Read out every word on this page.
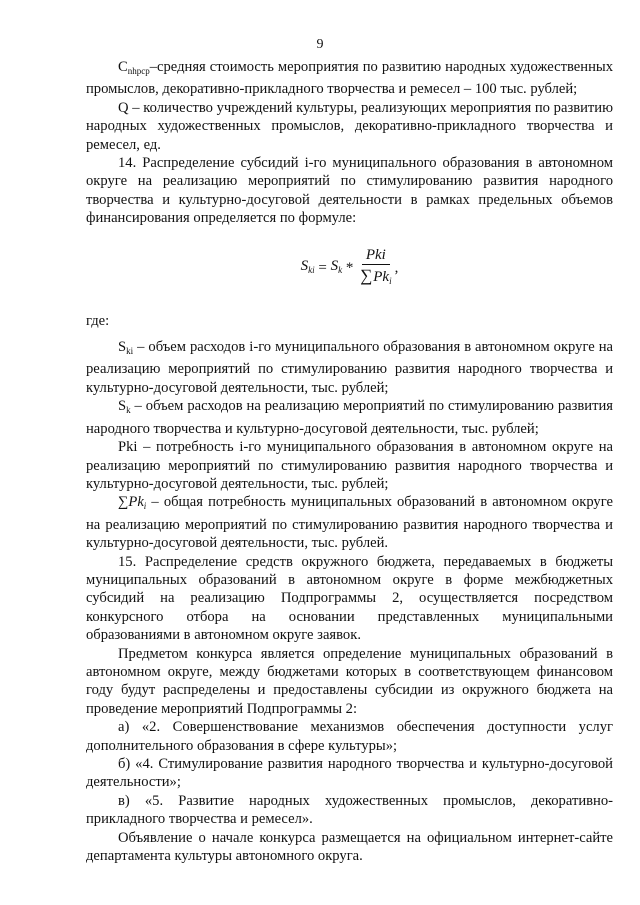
9

$C_{nhpcp}$–средняя стоимость мероприятия по развитию народных художественных промыслов, декоративно-прикладного творчества и ремесел – 100 тыс. рублей;

Q – количество учреждений культуры, реализующих мероприятия по развитию народных художественных промыслов, декоративно-прикладного творчества и ремесел, ед.

14. Распределение субсидий i-го муниципального образования в автономном округе на реализацию мероприятий по стимулированию развития народного творчества и культурно-досуговой деятельности в рамках предельных объемов финансирования определяется по формуле:

$S_{ki} = S_k * \frac{\text{Pki}}{\sum Pk_i}$ ,

где:

$S_{ki}$ – объем расходов i-го муниципального образования в автономном округе на реализацию мероприятий по стимулированию развития народного творчества и культурно-досуговой деятельности, тыс. рублей;

$S_k$ – объем расходов на реализацию мероприятий по стимулированию развития народного творчества и культурно-досуговой деятельности, тыс. рублей;

Pki – потребность i-го муниципального образования в автономном округе на реализацию мероприятий по стимулированию развития народного творчества и культурно-досуговой деятельности, тыс. рублей;

$\sum Pk_i$ – общая потребность муниципальных образований в автономном округе на реализацию мероприятий по стимулированию развития народного творчества и культурно-досуговой деятельности, тыс. рублей.

15. Распределение средств окружного бюджета, передаваемых в бюджеты муниципальных образований в автономном округе в форме межбюджетных субсидий на реализацию Подпрограммы 2, осуществляется посредством конкурсного отбора на основании представленных муниципальными образованиями в автономном округе заявок.

Предметом конкурса является определение муниципальных образований в автономном округе, между бюджетами которых в соответствующем финансовом году будут распределены и предоставлены субсидии из окружного бюджета на проведение мероприятий Подпрограммы 2:

а) «2. Совершенствование механизмов обеспечения доступности услуг дополнительного образования в сфере культуры»;

б) «4. Стимулирование развития народного творчества и культурно-досуговой деятельности»;

в) «5. Развитие народных художественных промыслов, декоративно-прикладного творчества и ремесел».

Объявление о начале конкурса размещается на официальном интернет-сайте департамента культуры автономного округа.
